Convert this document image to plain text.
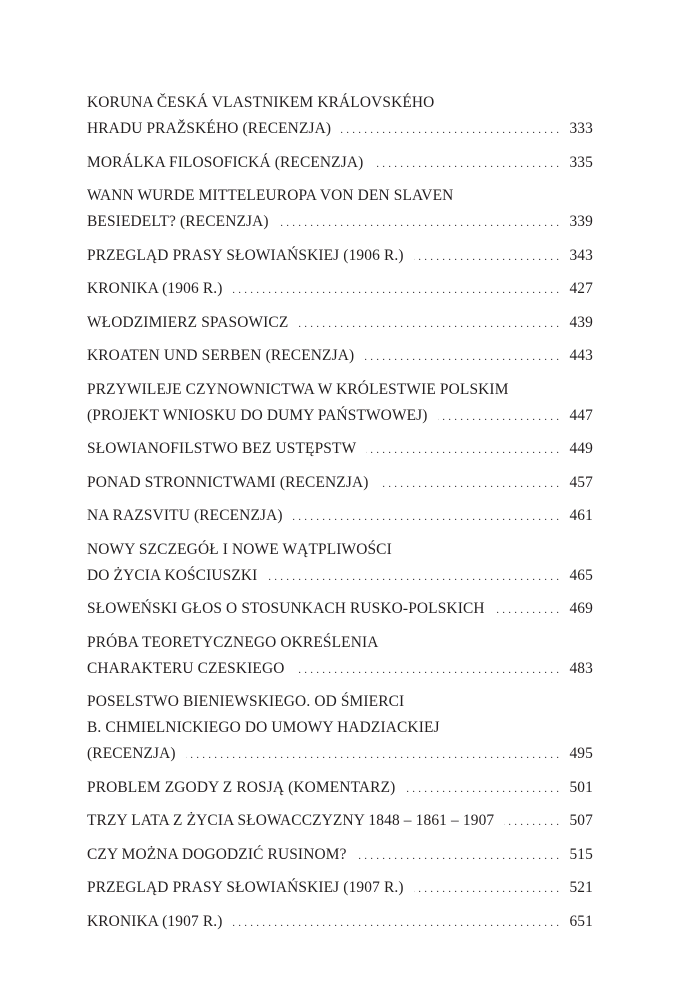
KORUNA ČESKÁ VLASTNIKEM KRÁLOVSKÉHO
HRADU PRAŽSKÉHO (RECENZJA) . . .	333
MORÁLKA FILOSOFICKÁ (RECENZJA) . . .	335
WANN WURDE MITTELEUROPA VON DEN SLAVEN
BESIEDELT? (RECENZJA) . . .	339
PRZEGLĄD PRASY SŁOWIAŃSKIEJ (1906 R.) . . .	343
KRONIKA (1906 R.) . . .	427
WŁODZIMIERZ SPASOWICZ . . .	439
KROATEN UND SERBEN (RECENZJA) . . .	443
PRZYWILEJE CZYNOWNICTWA W KRÓLESTWIE POLSKIM
(PROJEKT WNIOSKU DO DUMY PAŃSTWOWEJ) . . .	447
SŁOWIANOFILSTWO BEZ USTĘPSTW . . .	449
PONAD STRONNICTWAMI (RECENZJA) . . .	457
NA RAZSVITU (RECENZJA) . . .	461
NOWY SZCZEGÓŁ I NOWE WĄTPLIWOŚCI
DO ŻYCIA KOŚCIUSZKI . . .	465
SŁOWEŃSKI GŁOS O STOSUNKACH RUSKO-POLSKICH . . .	469
PRÓBA TEORETYCZNEGO OKREŚLENIA
CHARAKTERU CZESKIEGO . . .	483
POSELSTWO BIENIEWSKIEGO. OD ŚMIERCI
B. CHMIELNICKIEGO DO UMOWY HADZIACKIEJ
(RECENZJA) . . .	495
PROBLEM ZGODY Z ROSJĄ (KOMENTARZ) . . .	501
TRZY LATA Z ŻYCIA SŁOWACCZYZNY 1848 – 1861 – 1907 . . .	507
CZY MOŻNA DOGODZIĆ RUSINOM? . . .	515
PRZEGLĄD PRASY SŁOWIAŃSKIEJ (1907 R.) . . .	521
KRONIKA (1907 R.) . . .	651
